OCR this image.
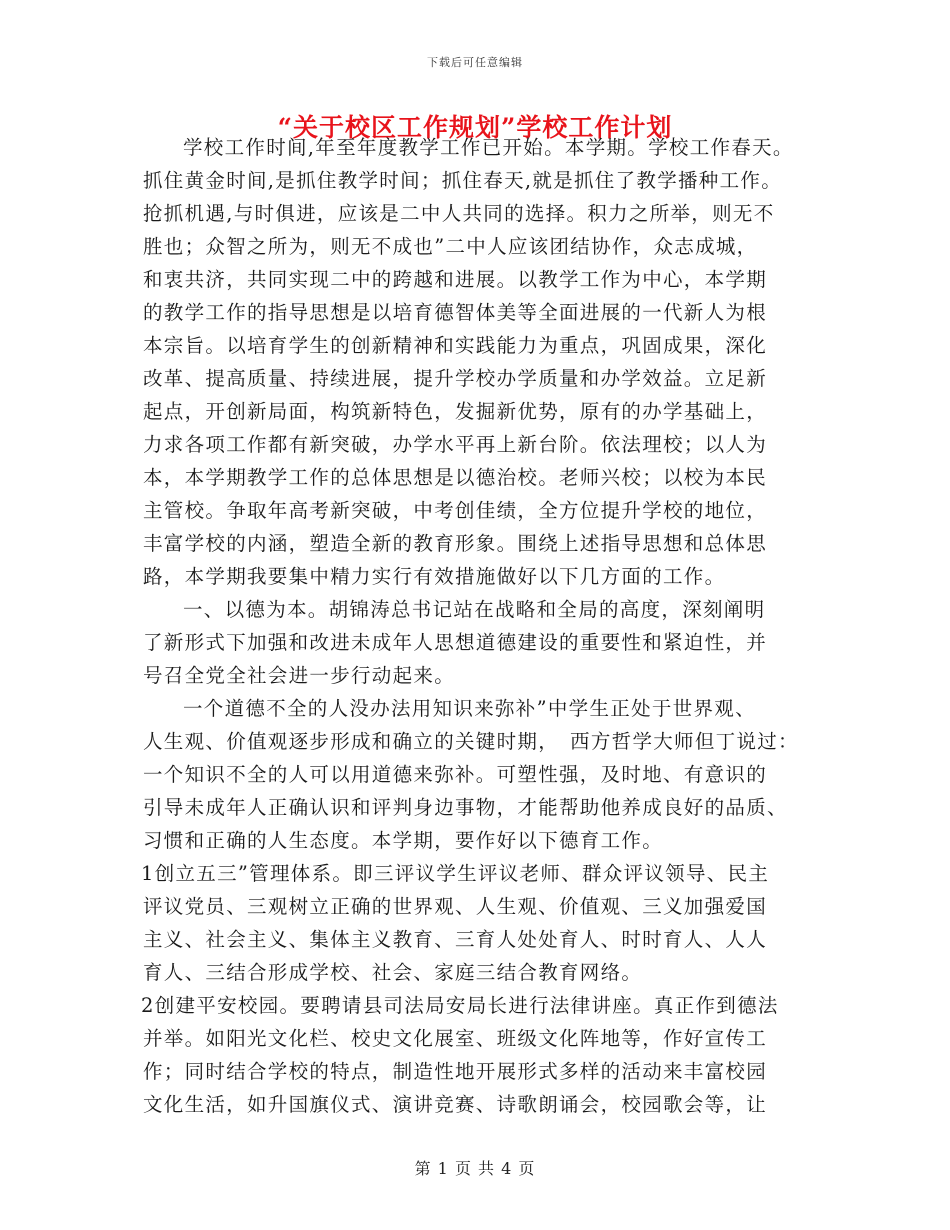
下载后可任意编辑
“关于校区工作规划”学校工作计划
学校工作时间,年至年度教学工作已开始。本学期。学校工作春天。
抓住黄金时间,是抓住教学时间；抓住春天,就是抓住了教学播种工作。
抢抓机遇,与时俱进，应该是二中人共同的选择。积力之所举，则无不
胜也；众智之所为，则无不成也”二中人应该团结协作，众志成城，
和衷共济，共同实现二中的跨越和进展。以教学工作为中心，本学期
的教学工作的指导思想是以培育德智体美等全面进展的一代新人为根
本宗旨。以培育学生的创新精神和实践能力为重点，巩固成果，深化
改革、提高质量、持续进展，提升学校办学质量和办学效益。立足新
起点，开创新局面，构筑新特色，发掘新优势，原有的办学基础上，
力求各项工作都有新突破，办学水平再上新台阶。依法理校；以人为
本，本学期教学工作的总体思想是以德治校。老师兴校；以校为本民
主管校。争取年高考新突破，中考创佳绩，全方位提升学校的地位，
丰富学校的内涵，塑造全新的教育形象。围绕上述指导思想和总体思
路，本学期我要集中精力实行有效措施做好以下几方面的工作。
一、以德为本。胡锦涛总书记站在战略和全局的高度，深刻阐明
了新形式下加强和改进未成年人思想道德建设的重要性和紧迫性，并
号召全党全社会进一步行动起来。
一个道德不全的人没办法用知识来弥补”中学生正处于世界观、
人生观、价值观逐步形成和确立的关键时期，　西方哲学大师但丁说过：
一个知识不全的人可以用道德来弥补。可塑性强，及时地、有意识的
引导未成年人正确认识和评判身边事物，才能帮助他养成良好的品质、
习惯和正确的人生态度。本学期，要作好以下德育工作。
1创立五三”管理体系。即三评议学生评议老师、群众评议领导、民主
评议党员、三观树立正确的世界观、人生观、价值观、三义加强爱国
主义、社会主义、集体主义教育、三育人处处育人、时时育人、人人
育人、三结合形成学校、社会、家庭三结合教育网络。
2创建平安校园。要聘请县司法局安局长进行法律讲座。真正作到德法
并举。如阳光文化栏、校史文化展室、班级文化阵地等，作好宣传工
作；同时结合学校的特点，制造性地开展形式多样的活动来丰富校园
文化生活，如升国旗仪式、演讲竞赛、诗歌朗诵会，校园歌会等，让
第 1 页 共 4 页
